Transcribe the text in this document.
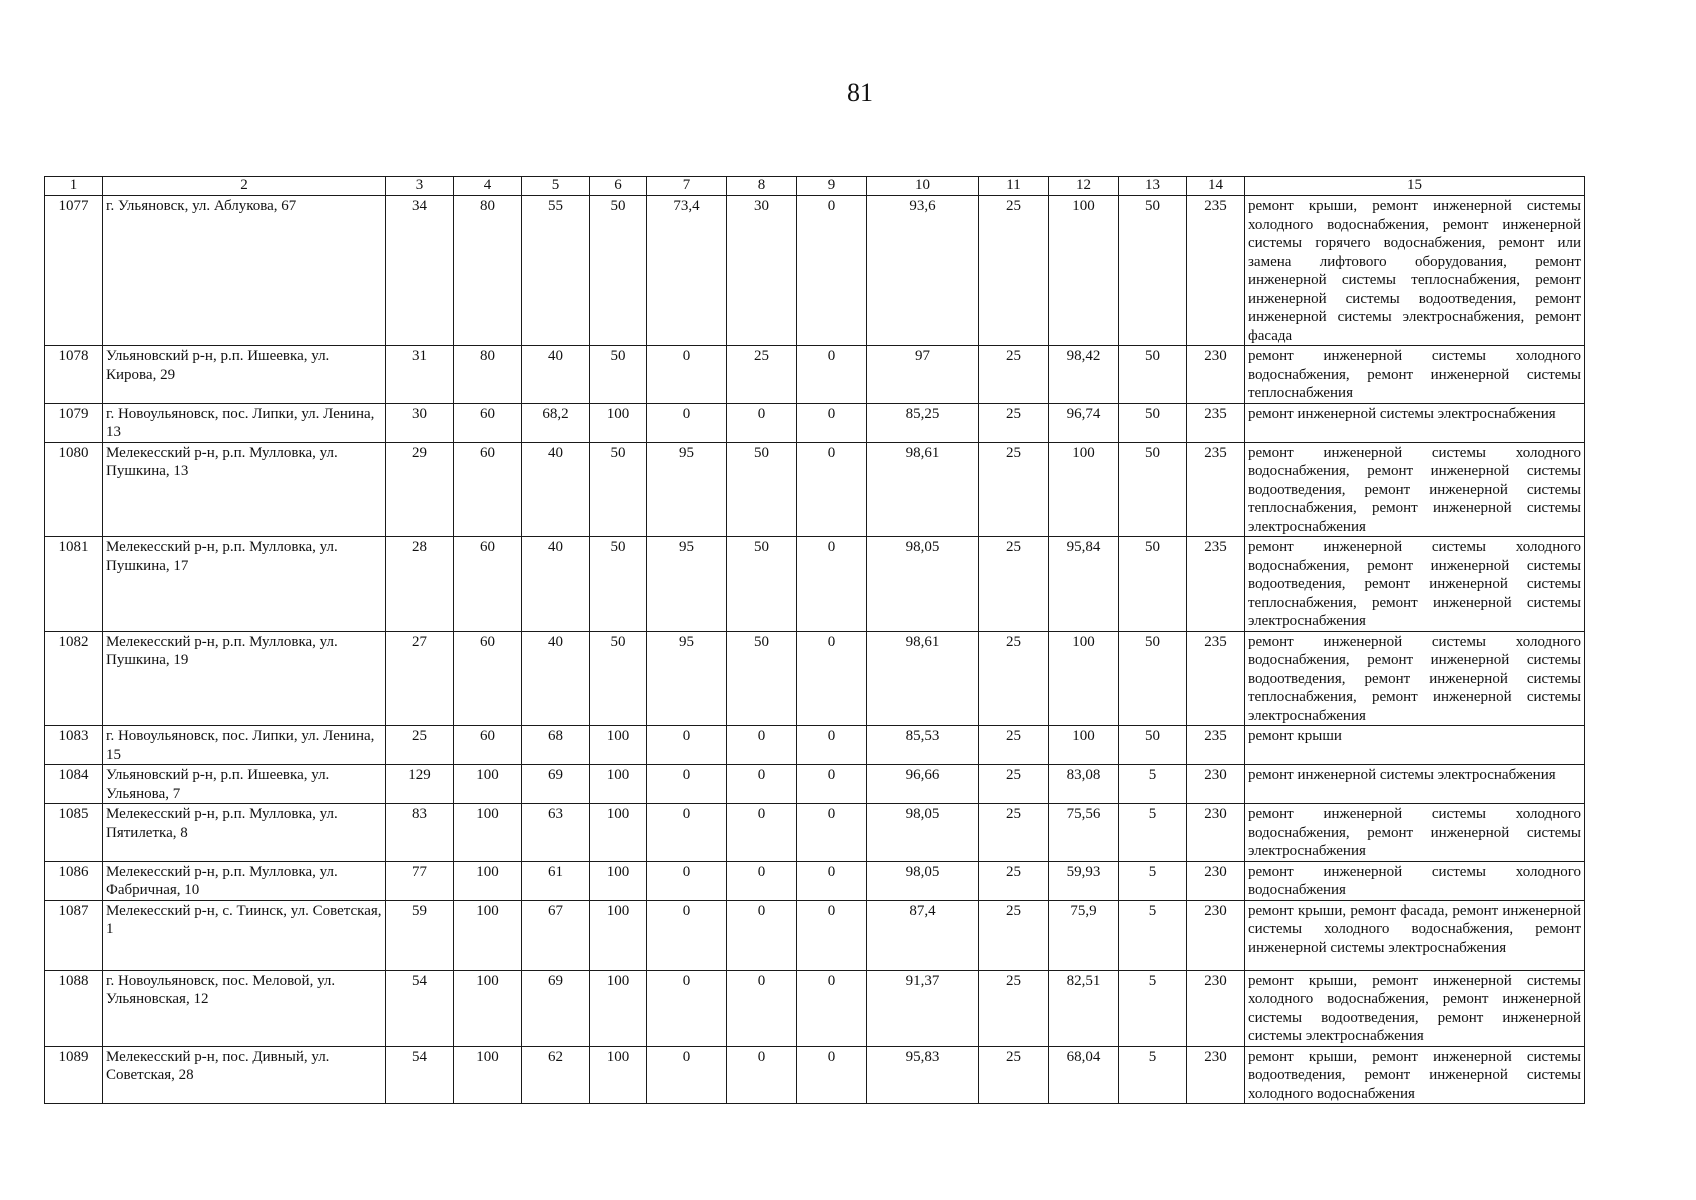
81
1	2	3	4	5	6	7	8	9	10	11	12	13	14	15
1077	г. Ульяновск, ул. Аблукова, 67	34	80	55	50	73,4	30	0	93,6	25	100	50	235	ремонт крыши, ремонт инженерной системы холодного водоснабжения, ремонт инженерной системы горячего водоснабжения, ремонт или замена лифтового оборудования, ремонт инженерной системы теплоснабжения, ремонт инженерной системы водоотведения, ремонт инженерной системы электроснабжения, ремонт фасада
1078	Ульяновский р-н, р.п. Ишеевка, ул. Кирова, 29	31	80	40	50	0	25	0	97	25	98,42	50	230	ремонт инженерной системы холодного водоснабжения, ремонт инженерной системы теплоснабжения
1079	г. Новоульяновск, пос. Липки, ул. Ленина, 13	30	60	68,2	100	0	0	0	85,25	25	96,74	50	235	ремонт инженерной системы электроснабжения
1080	Мелекесский р-н, р.п. Мулловка, ул. Пушкина, 13	29	60	40	50	95	50	0	98,61	25	100	50	235	ремонт инженерной системы холодного водоснабжения, ремонт инженерной системы водоотведения, ремонт инженерной системы теплоснабжения, ремонт инженерной системы электроснабжения
1081	Мелекесский р-н, р.п. Мулловка, ул. Пушкина, 17	28	60	40	50	95	50	0	98,05	25	95,84	50	235	ремонт инженерной системы холодного водоснабжения, ремонт инженерной системы водоотведения, ремонт инженерной системы теплоснабжения, ремонт инженерной системы электроснабжения
1082	Мелекесский р-н, р.п. Мулловка, ул. Пушкина, 19	27	60	40	50	95	50	0	98,61	25	100	50	235	ремонт инженерной системы холодного водоснабжения, ремонт инженерной системы водоотведения, ремонт инженерной системы теплоснабжения, ремонт инженерной системы электроснабжения
1083	г. Новоульяновск, пос. Липки, ул. Ленина, 15	25	60	68	100	0	0	0	85,53	25	100	50	235	ремонт крыши
1084	Ульяновский р-н, р.п. Ишеевка, ул. Ульянова, 7	129	100	69	100	0	0	0	96,66	25	83,08	5	230	ремонт инженерной системы электроснабжения
1085	Мелекесский р-н, р.п. Мулловка, ул. Пятилетка, 8	83	100	63	100	0	0	0	98,05	25	75,56	5	230	ремонт инженерной системы холодного водоснабжения, ремонт инженерной системы электроснабжения
1086	Мелекесский р-н, р.п. Мулловка, ул. Фабричная, 10	77	100	61	100	0	0	0	98,05	25	59,93	5	230	ремонт инженерной системы холодного водоснабжения
1087	Мелекесский р-н, с. Тиинск, ул. Советская, 1	59	100	67	100	0	0	0	87,4	25	75,9	5	230	ремонт крыши, ремонт фасада, ремонт инженерной системы холодного водоснабжения, ремонт инженерной системы электроснабжения
1088	г. Новоульяновск, пос. Меловой, ул. Ульяновская, 12	54	100	69	100	0	0	0	91,37	25	82,51	5	230	ремонт крыши, ремонт инженерной системы холодного водоснабжения, ремонт инженерной системы водоотведения, ремонт инженерной системы электроснабжения
1089	Мелекесский р-н, пос. Дивный, ул. Советская, 28	54	100	62	100	0	0	0	95,83	25	68,04	5	230	ремонт крыши, ремонт инженерной системы водоотведения, ремонт инженерной системы холодного водоснабжения
